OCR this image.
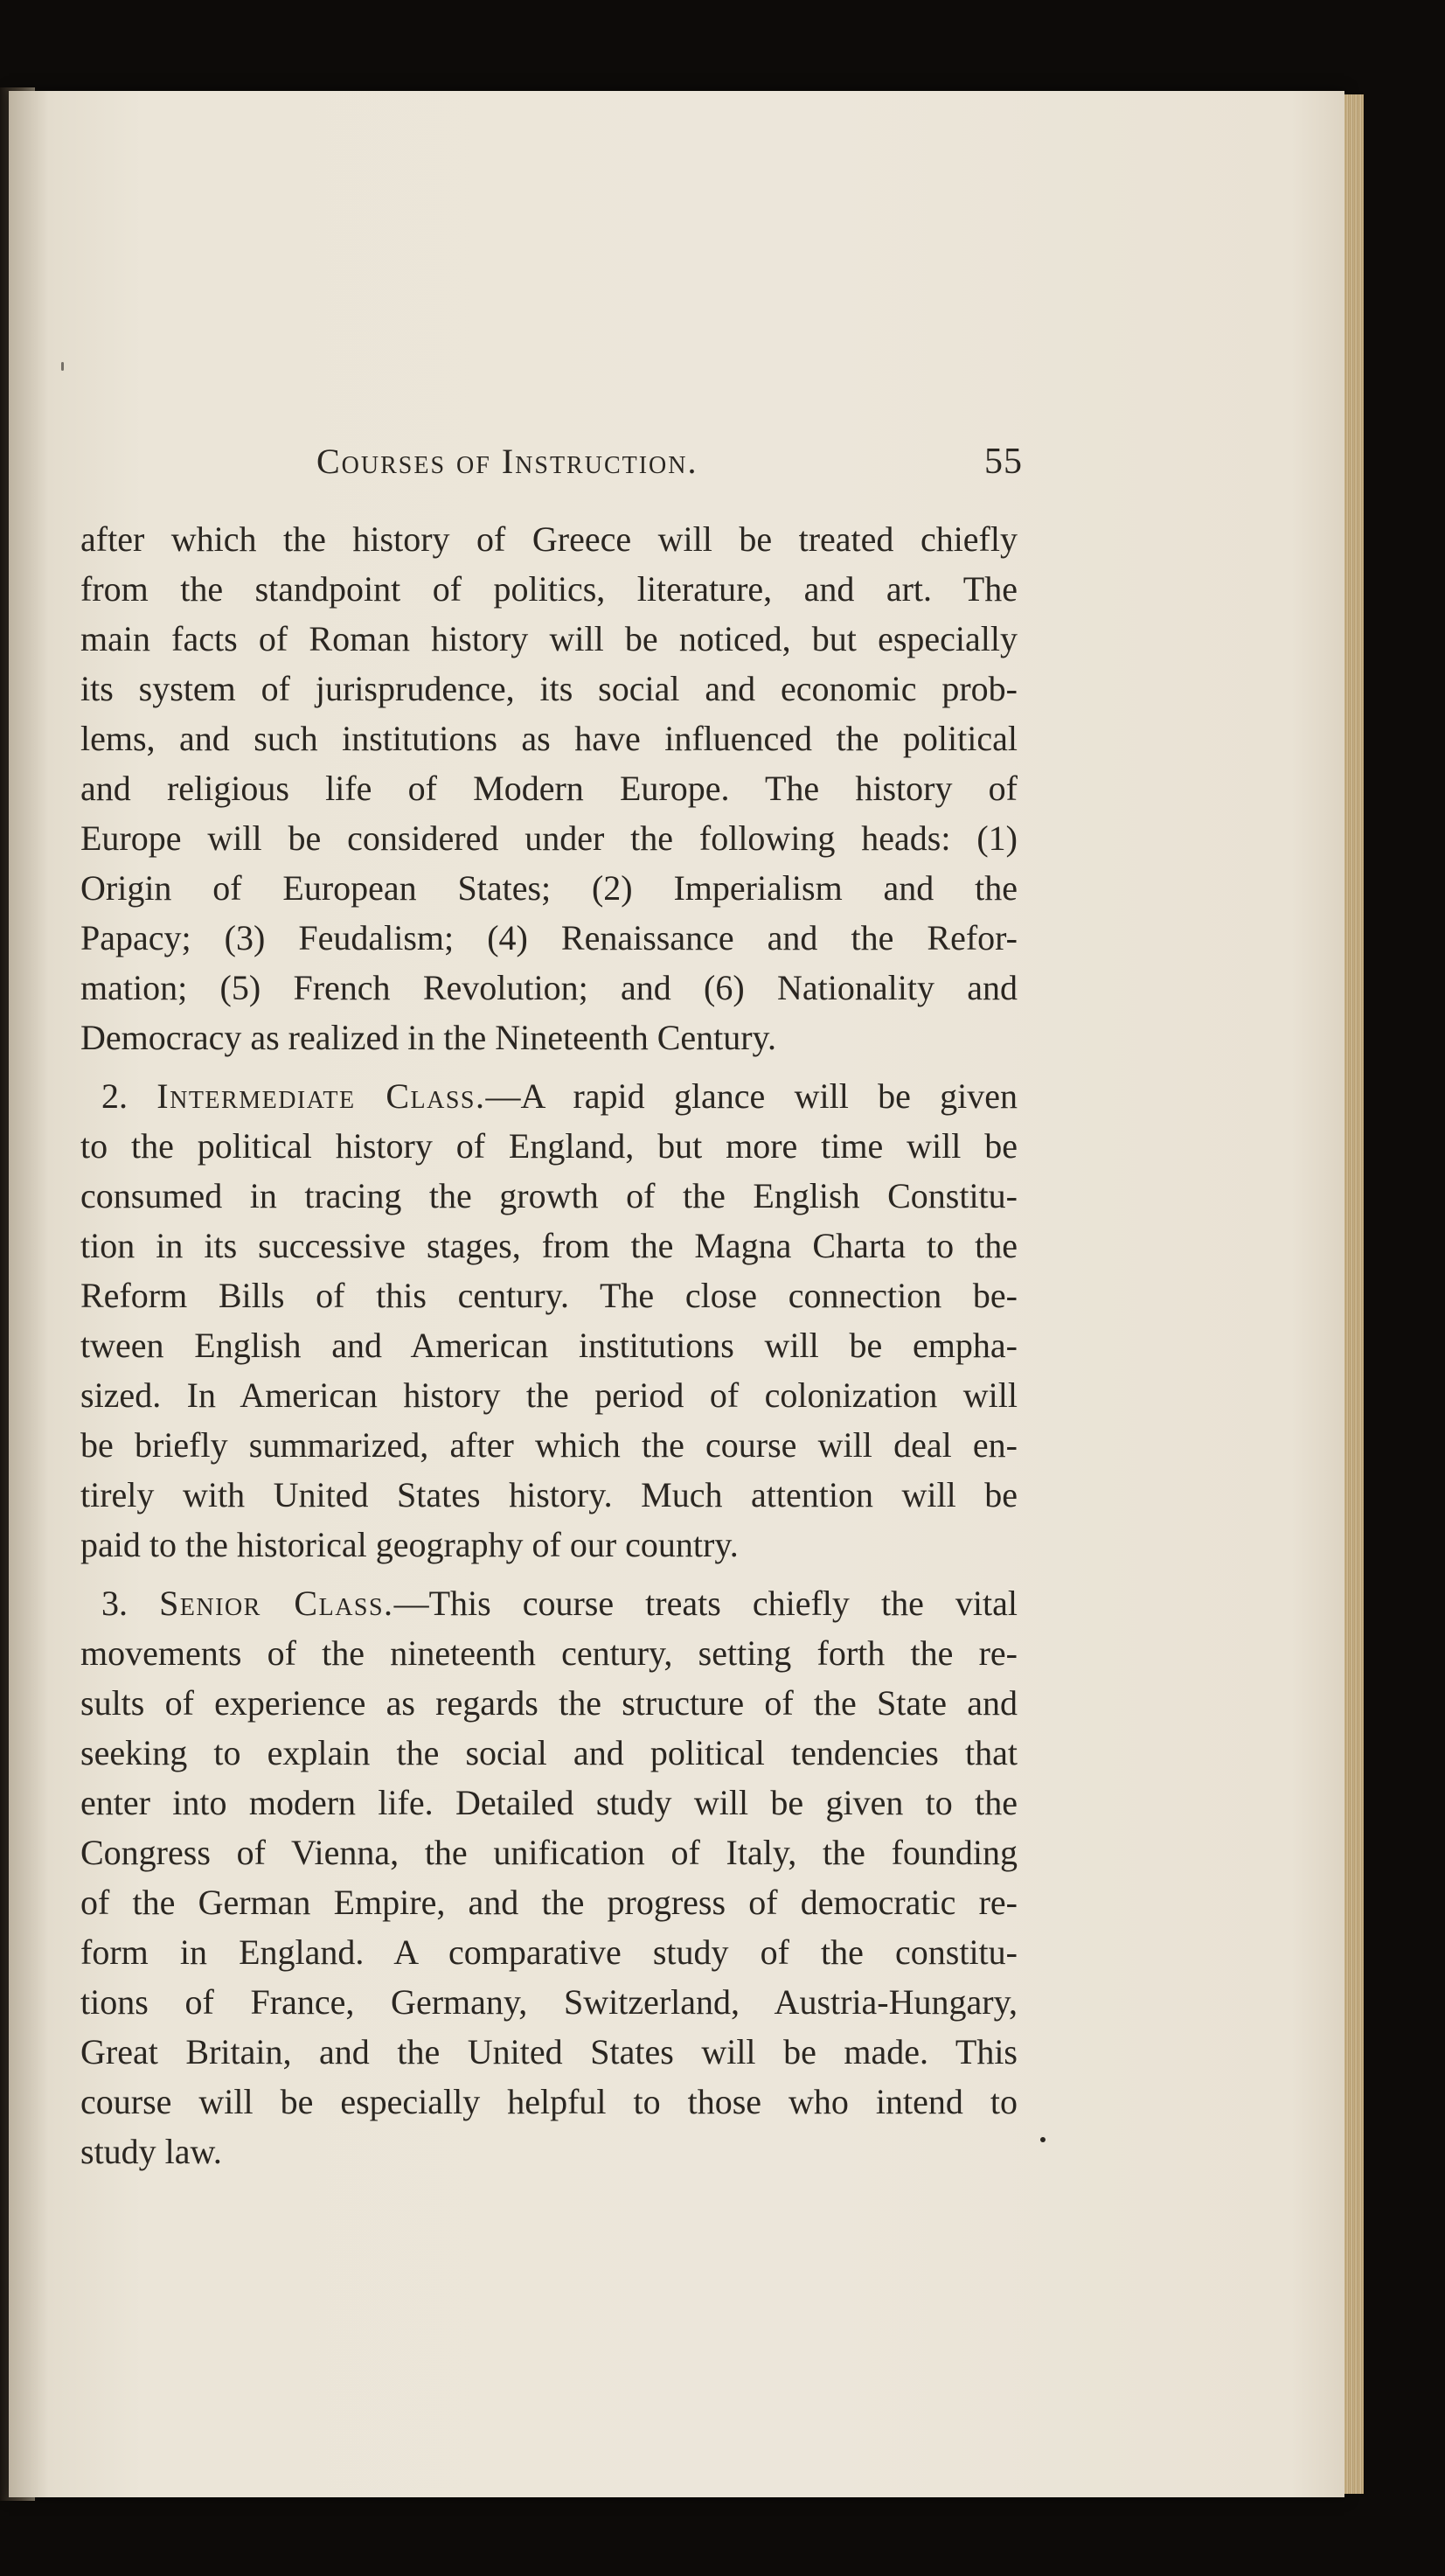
Courses of Instruction.	55
after which the history of Greece will be treated chiefly
from the standpoint of politics, literature, and art. The
main facts of Roman history will be noticed, but especially
its system of jurisprudence, its social and economic prob-
lems, and such institutions as have influenced the political
and religious life of Modern Europe. The history of
Europe will be considered under the following heads: (1)
Origin of European States; (2) Imperialism and the
Papacy; (3) Feudalism; (4) Renaissance and the Refor-
mation; (5) French Revolution; and (6) Nationality and
Democracy as realized in the Nineteenth Century.
2. Intermediate Class.—A rapid glance will be given
to the political history of England, but more time will be
consumed in tracing the growth of the English Constitu-
tion in its successive stages, from the Magna Charta to the
Reform Bills of this century. The close connection be-
tween English and American institutions will be empha-
sized. In American history the period of colonization will
be briefly summarized, after which the course will deal en-
tirely with United States history. Much attention will be
paid to the historical geography of our country.
3. Senior Class.—This course treats chiefly the vital
movements of the nineteenth century, setting forth the re-
sults of experience as regards the structure of the State and
seeking to explain the social and political tendencies that
enter into modern life. Detailed study will be given to the
Congress of Vienna, the unification of Italy, the founding
of the German Empire, and the progress of democratic re-
form in England. A comparative study of the constitu-
tions of France, Germany, Switzerland, Austria-Hungary,
Great Britain, and the United States will be made. This
course will be especially helpful to those who intend to
study law.
